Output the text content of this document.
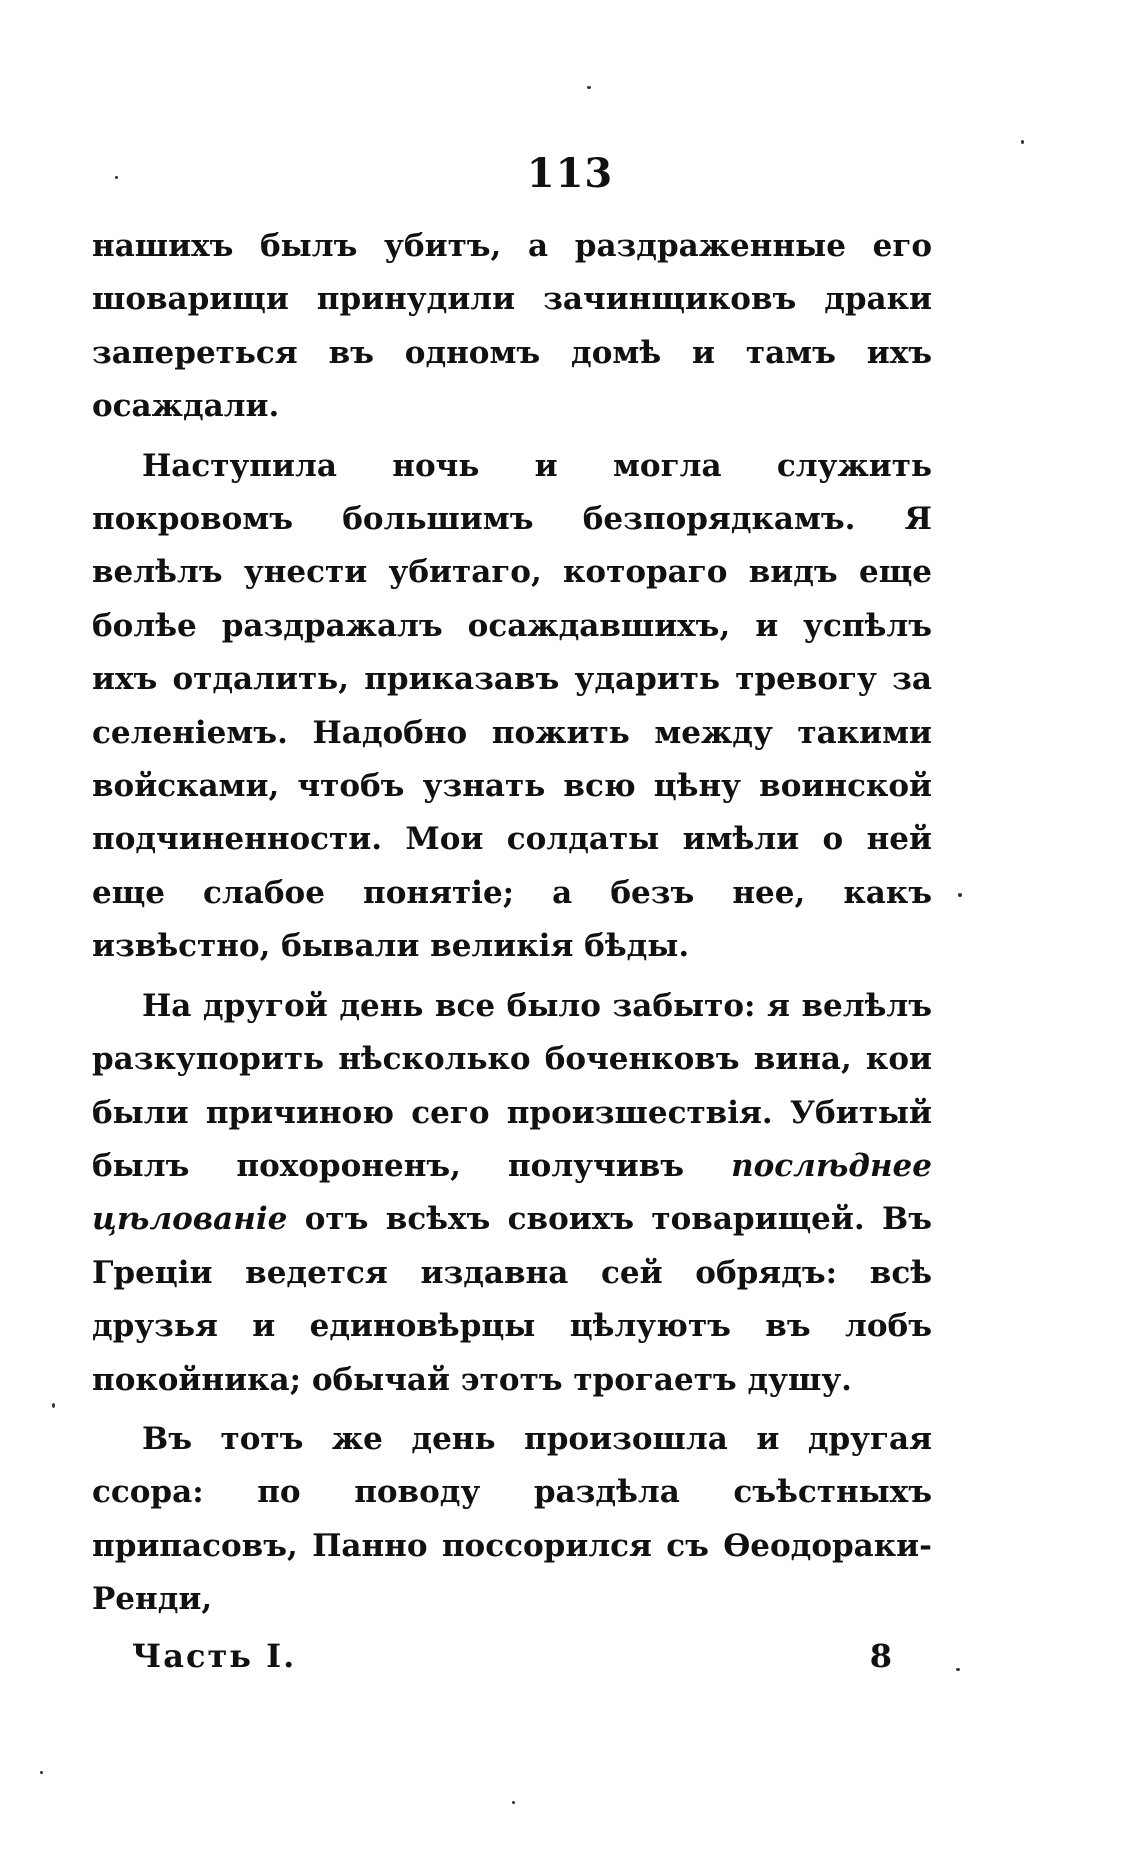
113

нашихъ былъ убитъ, а раздраженные его шоварищи принудили зачинщиковъ драки запереться въ одномъ домѣ и тамъ ихъ осаждали.

Наступила ночь и могла служить покровомъ большимъ безпорядкамъ. Я велѣлъ унести убитаго, котораго видъ еще болѣе раздражалъ осаждавшихъ, и успѣлъ ихъ отдалить, приказавъ ударить тревогу за селеніемъ. Надобно пожить между такими войсками, чтобъ узнать всю цѣну воинской подчиненности. Мои солдаты имѣли о ней еще слабое понятіе; а безъ нее, какъ извѣстно, бывали великія бѣды.

На другой день все было забыто: я велѣлъ разкупорить нѣсколько боченковъ вина, кои были причиною сего произшествія. Убитый былъ похороненъ, получивъ послѣднее цѣлованіе отъ всѣхъ своихъ товарищей. Въ Греціи ведется издавна сей обрядъ: всѣ друзья и единовѣрцы цѣлуютъ въ лобъ покойника; обычай этотъ трогаетъ душу.

Въ тотъ же день произошла и другая ссора: по поводу раздѣла съѣстныхъ припасовъ, Панно поссорился съ Ѳеодораки-Ренди,

Часть I.	8
